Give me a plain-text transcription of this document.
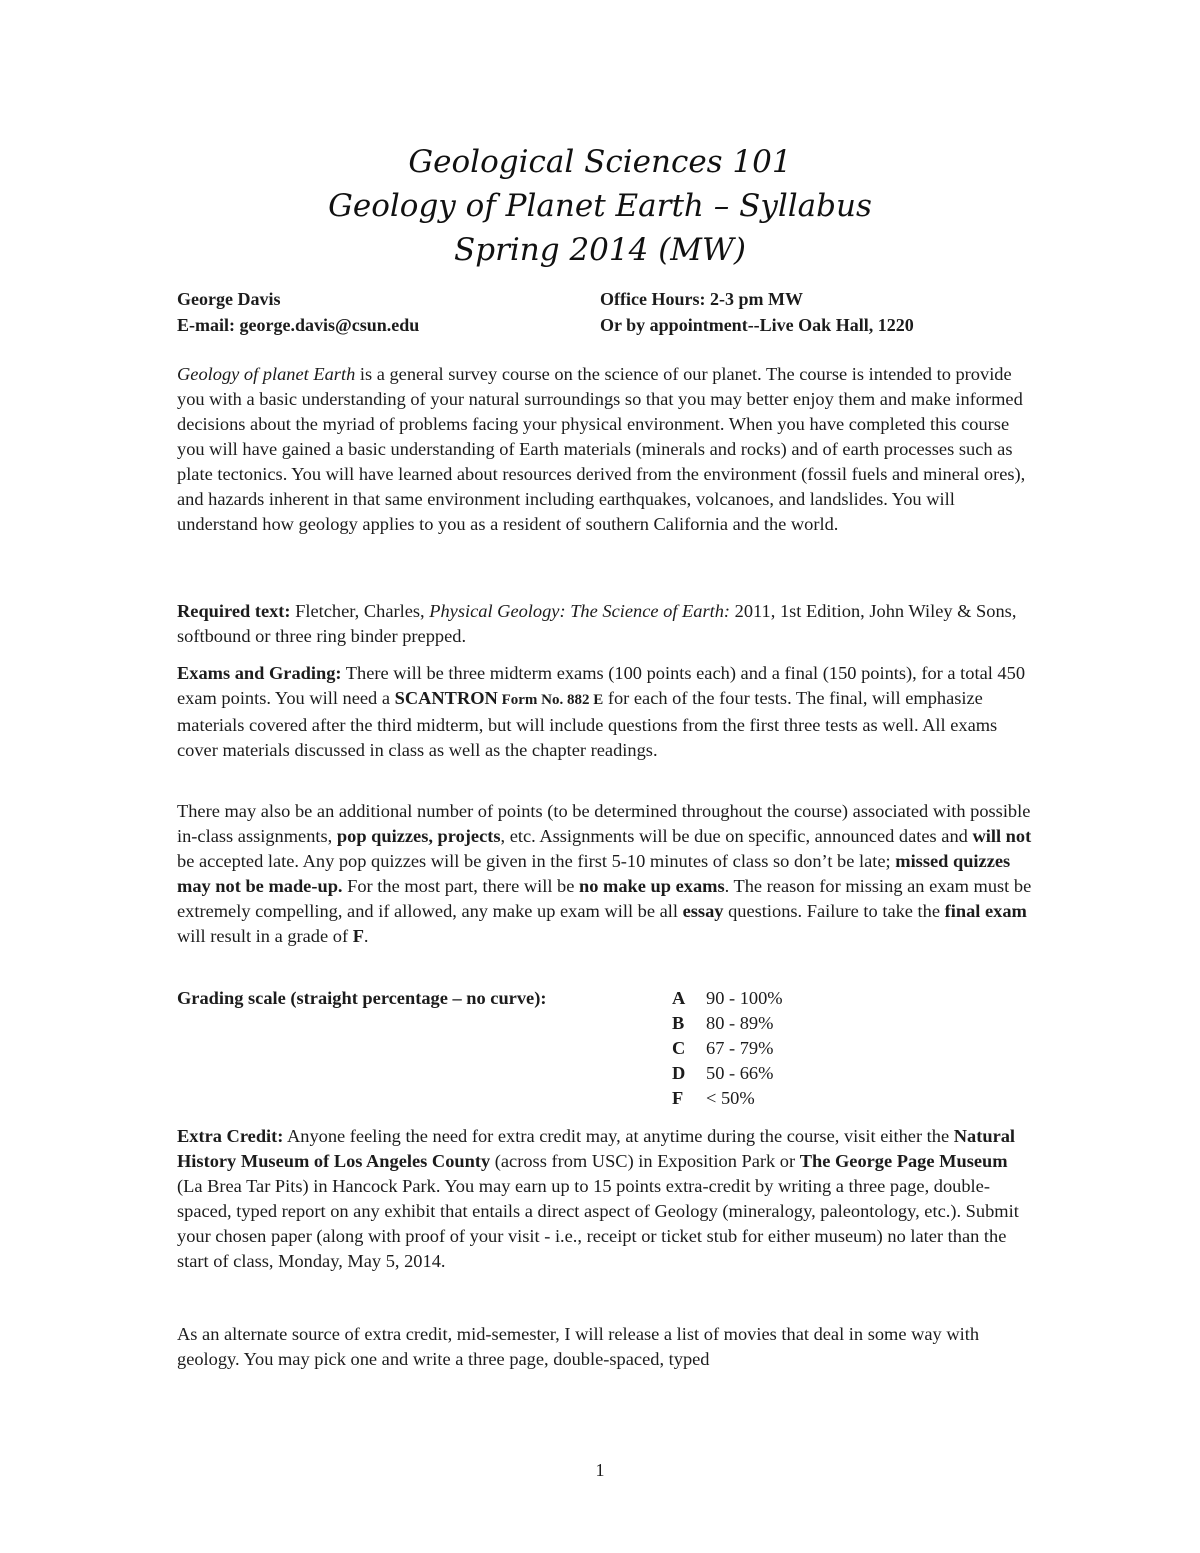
Geological Sciences 101
Geology of Planet Earth – Syllabus
Spring 2014 (MW)
George Davis
E-mail: george.davis@csun.edu
Office Hours: 2-3 pm MW
Or by appointment--Live Oak Hall, 1220

Geology of planet Earth is a general survey course on the science of our planet. The course is intended to provide you with a basic understanding of your natural surroundings so that you may better enjoy them and make informed decisions about the myriad of problems facing your physical environment. When you have completed this course you will have gained a basic understanding of Earth materials (minerals and rocks) and of earth processes such as plate tectonics. You will have learned about resources derived from the environment (fossil fuels and mineral ores), and hazards inherent in that same environment including earthquakes, volcanoes, and landslides. You will understand how geology applies to you as a resident of southern California and the world.

Required text: Fletcher, Charles, Physical Geology: The Science of Earth: 2011, 1st Edition, John Wiley & Sons, softbound or three ring binder prepped.

Exams and Grading: There will be three midterm exams (100 points each) and a final (150 points), for a total 450 exam points. You will need a SCANTRON Form No. 882 E for each of the four tests. The final, will emphasize materials covered after the third midterm, but will include questions from the first three tests as well. All exams cover materials discussed in class as well as the chapter readings.

There may also be an additional number of points (to be determined throughout the course) associated with possible in-class assignments, pop quizzes, projects, etc. Assignments will be due on specific, announced dates and will not be accepted late. Any pop quizzes will be given in the first 5-10 minutes of class so don’t be late; missed quizzes may not be made-up. For the most part, there will be no make up exams. The reason for missing an exam must be extremely compelling, and if allowed, any make up exam will be all essay questions. Failure to take the final exam will result in a grade of F.

Grading scale (straight percentage – no curve):	A 90 - 100%
B 80 - 89%
C 67 - 79%
D 50 - 66%
F < 50%

Extra Credit: Anyone feeling the need for extra credit may, at anytime during the course, visit either the Natural History Museum of Los Angeles County (across from USC) in Exposition Park or The George Page Museum (La Brea Tar Pits) in Hancock Park. You may earn up to 15 points extra-credit by writing a three page, double-spaced, typed report on any exhibit that entails a direct aspect of Geology (mineralogy, paleontology, etc.). Submit your chosen paper (along with proof of your visit - i.e., receipt or ticket stub for either museum) no later than the start of class, Monday, May 5, 2014.

As an alternate source of extra credit, mid-semester, I will release a list of movies that deal in some way with geology. You may pick one and write a three page, double-spaced, typed

1
